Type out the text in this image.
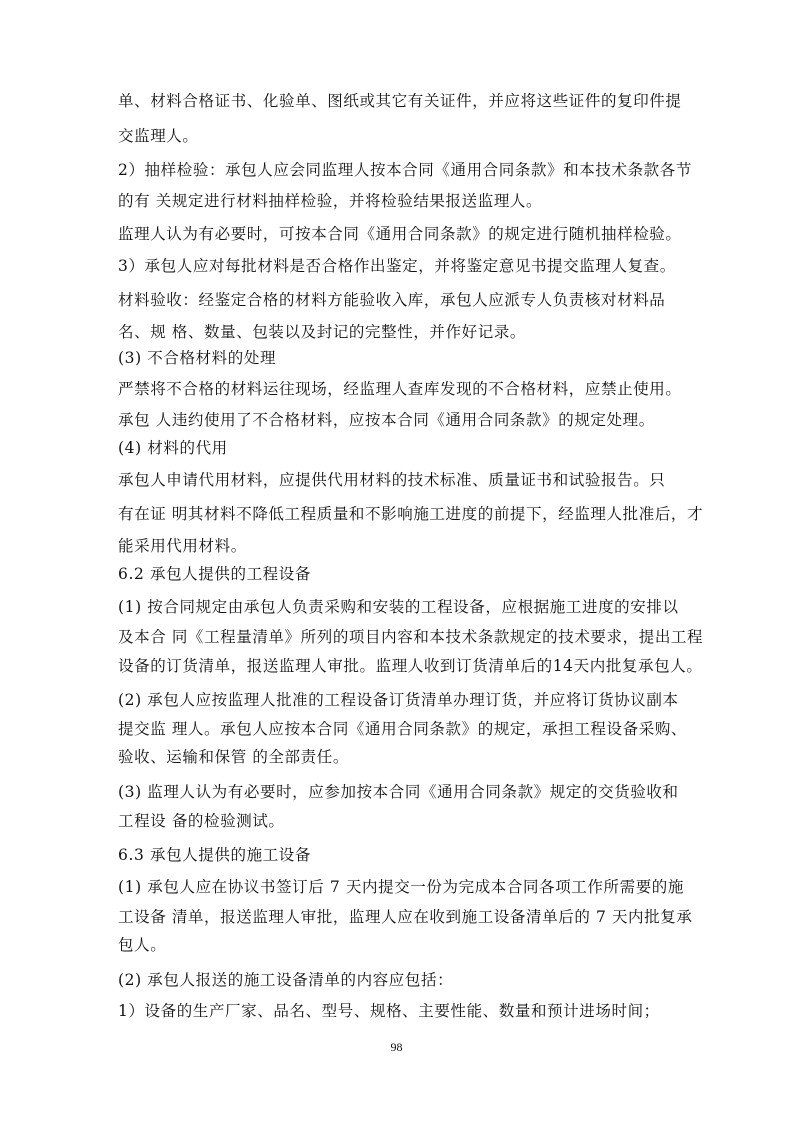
单、材料合格证书、化验单、图纸或其它有关证件，并应将这些证件的复印件提
交监理人。
2）抽样检验：承包人应会同监理人按本合同《通用合同条款》和本技术条款各节
的有 关规定进行材料抽样检验，并将检验结果报送监理人。
监理人认为有必要时，可按本合同《通用合同条款》的规定进行随机抽样检验。
3）承包人应对每批材料是否合格作出鉴定，并将鉴定意见书提交监理人复查。
材料验收：经鉴定合格的材料方能验收入库，承包人应派专人负责核对材料品
名、规 格、数量、包装以及封记的完整性，并作好记录。
(3) 不合格材料的处理
严禁将不合格的材料运往现场，经监理人查库发现的不合格材料，应禁止使用。
承包 人违约使用了不合格材料，应按本合同《通用合同条款》的规定处理。
(4) 材料的代用
承包人申请代用材料，应提供代用材料的技术标准、质量证书和试验报告。只
有在证 明其材料不降低工程质量和不影响施工进度的前提下，经监理人批准后，才
能采用代用材料。
6.2 承包人提供的工程设备
(1) 按合同规定由承包人负责采购和安装的工程设备，应根据施工进度的安排以
及本合 同《工程量清单》所列的项目内容和本技术条款规定的技术要求，提出工程
设备的订货清单，报送监理人审批。监理人收到订货清单后的14天内批复承包人。
(2) 承包人应按监理人批准的工程设备订货清单办理订货，并应将订货协议副本
提交监 理人。承包人应按本合同《通用合同条款》的规定，承担工程设备采购、
验收、运输和保管 的全部责任。
(3) 监理人认为有必要时，应参加按本合同《通用合同条款》规定的交货验收和
工程设 备的检验测试。
6.3 承包人提供的施工设备
(1) 承包人应在协议书签订后 7 天内提交一份为完成本合同各项工作所需要的施
工设备 清单，报送监理人审批，监理人应在收到施工设备清单后的 7 天内批复承
包人。
(2) 承包人报送的施工设备清单的内容应包括：
1）设备的生产厂家、品名、型号、规格、主要性能、数量和预计进场时间；
98
